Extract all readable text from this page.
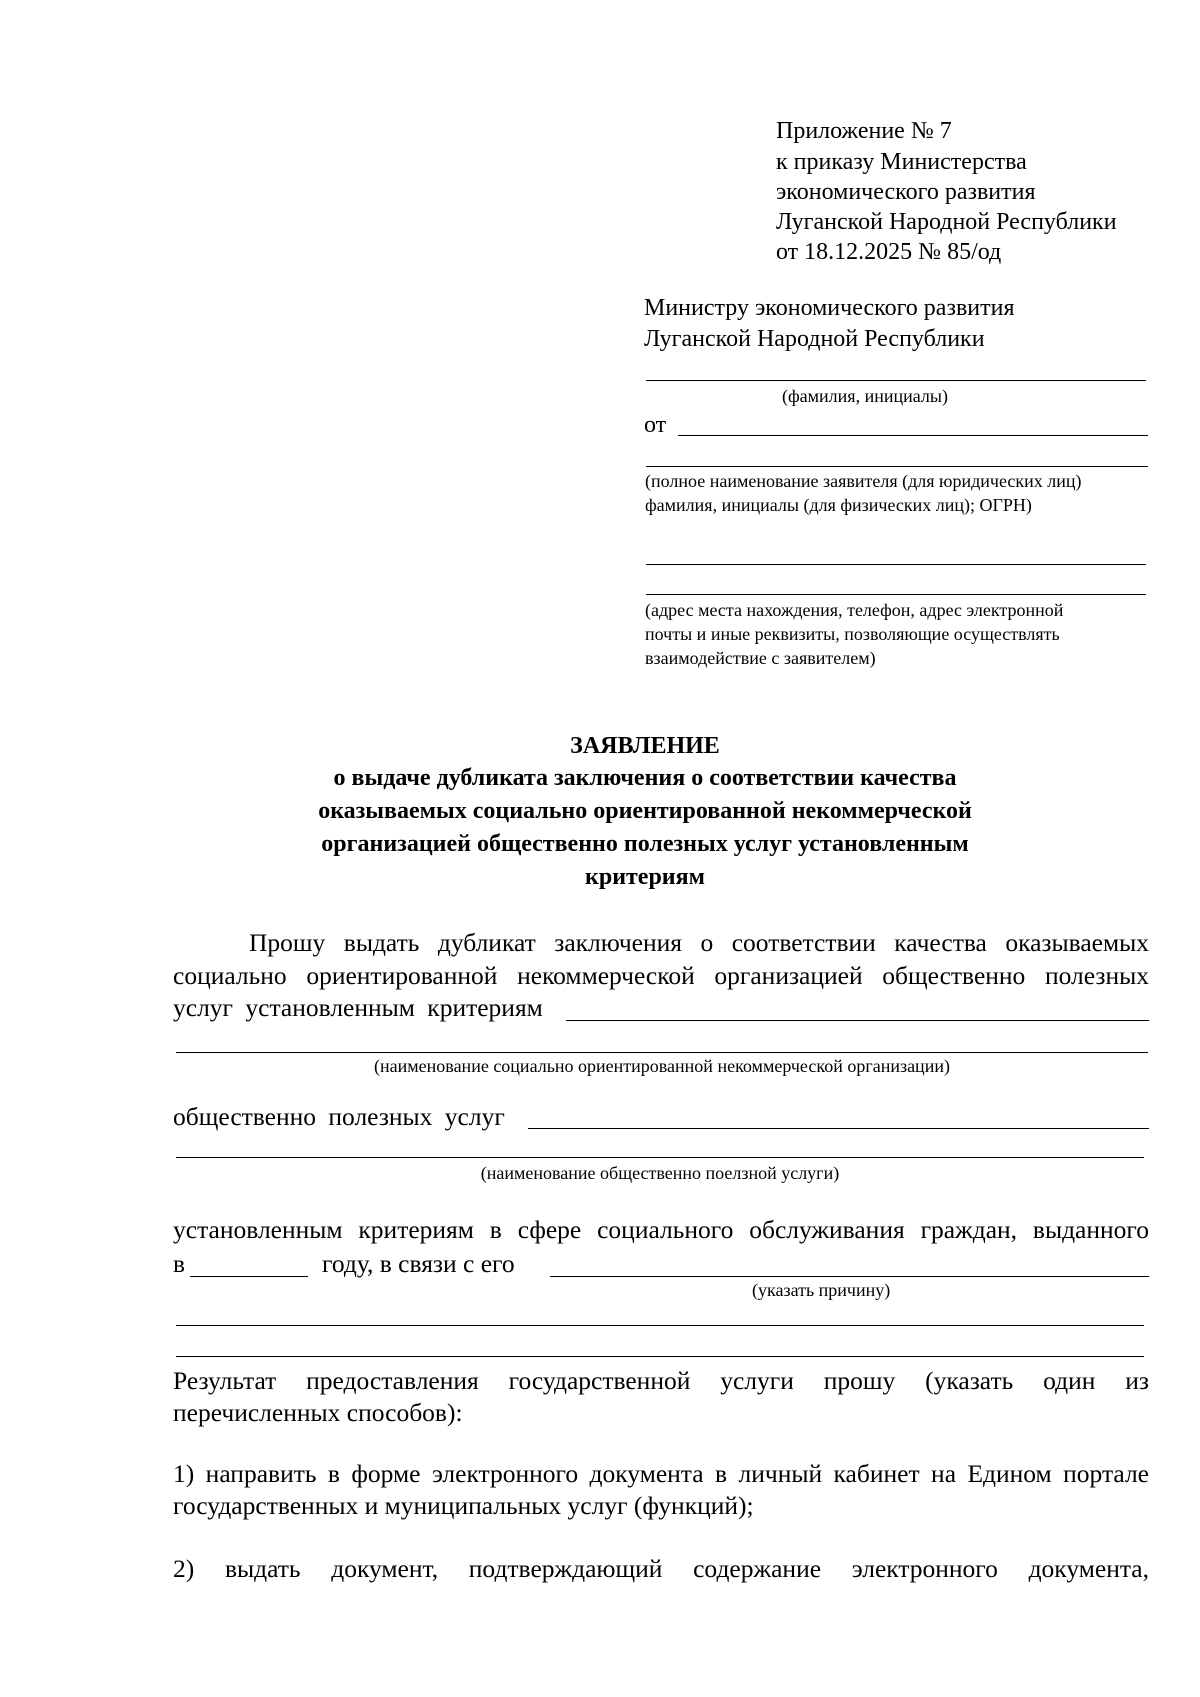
Приложение № 7
к приказу Министерства
экономического развития
Луганской Народной Республики
от 18.12.2025 № 85/од
Министру экономического развития
Луганской Народной Республики
(фамилия, инициалы)
от
(полное наименование заявителя (для юридических лиц)
фамилия, инициалы (для физических лиц); ОГРН)
(адрес места нахождения, телефон, адрес электронной
почты и иные реквизиты, позволяющие осуществлять
взаимодействие с заявителем)
ЗАЯВЛЕНИЕ
о выдаче дубликата заключения о соответствии качества
оказываемых социально ориентированной некоммерческой
организацией общественно полезных услуг установленным
критериям
Прошу выдать дубликат заключения о соответствии качества оказываемых
социально ориентированной некоммерческой организацией общественно полезных
услуг установленным критериям
(наименование социально ориентированной некоммерческой организации)
общественно полезных услуг
(наименование общественно поелзной услуги)
установленным критериям в сфере социального обслуживания граждан, выданного
в	году, в связи с его
(указать причину)
Результат предоставления государственной услуги прошу (указать один из
перечисленных способов):
1) направить в форме электронного документа в личный кабинет на Едином портале
государственных и муниципальных услуг (функций);
2) выдать документ, подтверждающий содержание электронного документа,
